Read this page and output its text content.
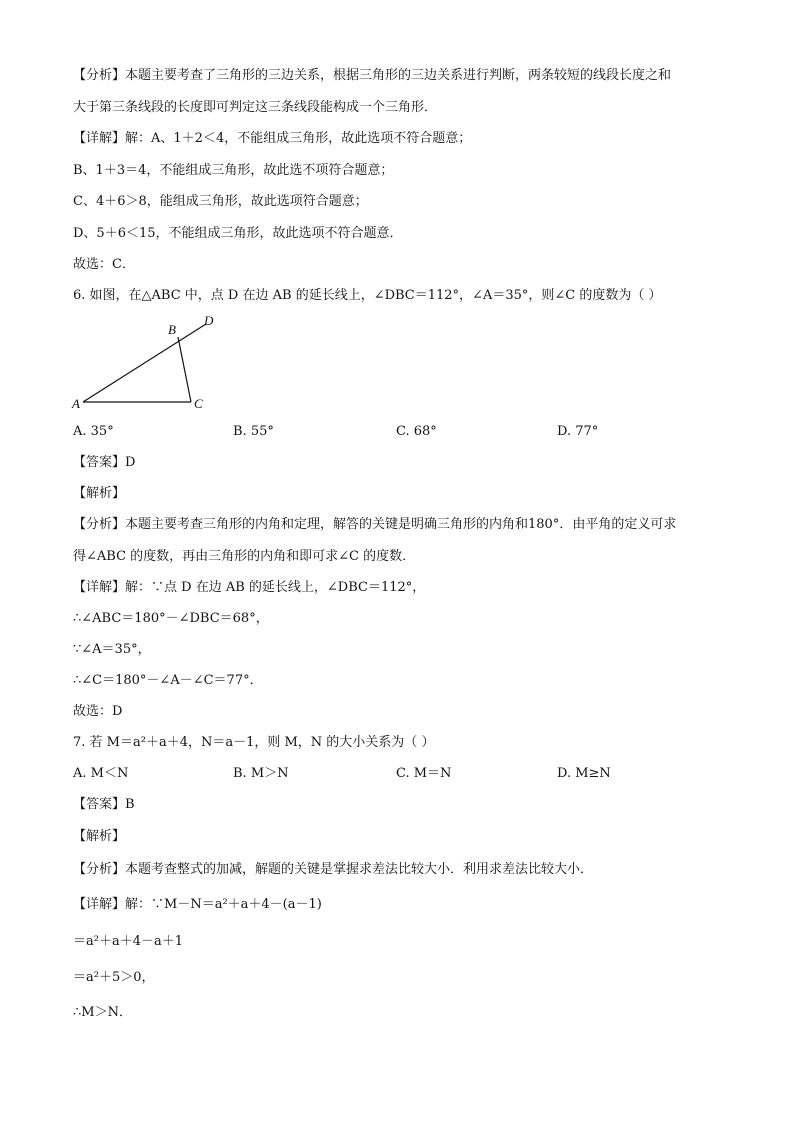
【分析】本题主要考查了三角形的三边关系，根据三角形的三边关系进行判断，两条较短的线段长度之和
大于第三条线段的长度即可判定这三条线段能构成一个三角形．
【详解】解：A、1＋2＜4，不能组成三角形，故此选项不符合题意；
B、1＋3＝4，不能组成三角形，故此选不项符合题意；
C、4＋6＞8，能组成三角形，故此选项符合题意；
D、5＋6＜15，不能组成三角形，故此选项不符合题意．
故选：C．
6. 如图，在△ABC 中，点 D 在边 AB 的延长线上，∠DBC＝112°，∠A＝35°，则∠C 的度数为（ ）
A
B
C
D
A. 35°	B. 55°	C. 68°	D. 77°
【答案】D
【解析】
【分析】本题主要考查三角形的内角和定理，解答的关键是明确三角形的内角和180°．由平角的定义可求
得∠ABC 的度数，再由三角形的内角和即可求∠C 的度数．
【详解】解：∵点 D 在边 AB 的延长线上，∠DBC＝112°，
∴∠ABC＝180°－∠DBC＝68°，
∵∠A＝35°，
∴∠C＝180°－∠A－∠C＝77°．
故选：D
7. 若 M＝a²＋a＋4，N＝a－1，则 M，N 的大小关系为（ ）
A. M＜N	B. M＞N	C. M＝N	D. M≥N
【答案】B
【解析】
【分析】本题考查整式的加减，解题的关键是掌握求差法比较大小．利用求差法比较大小．
【详解】解：∵M－N＝a²＋a＋4－(a－1)
＝a²＋a＋4－a＋1
＝a²＋5＞0，
∴M＞N．
